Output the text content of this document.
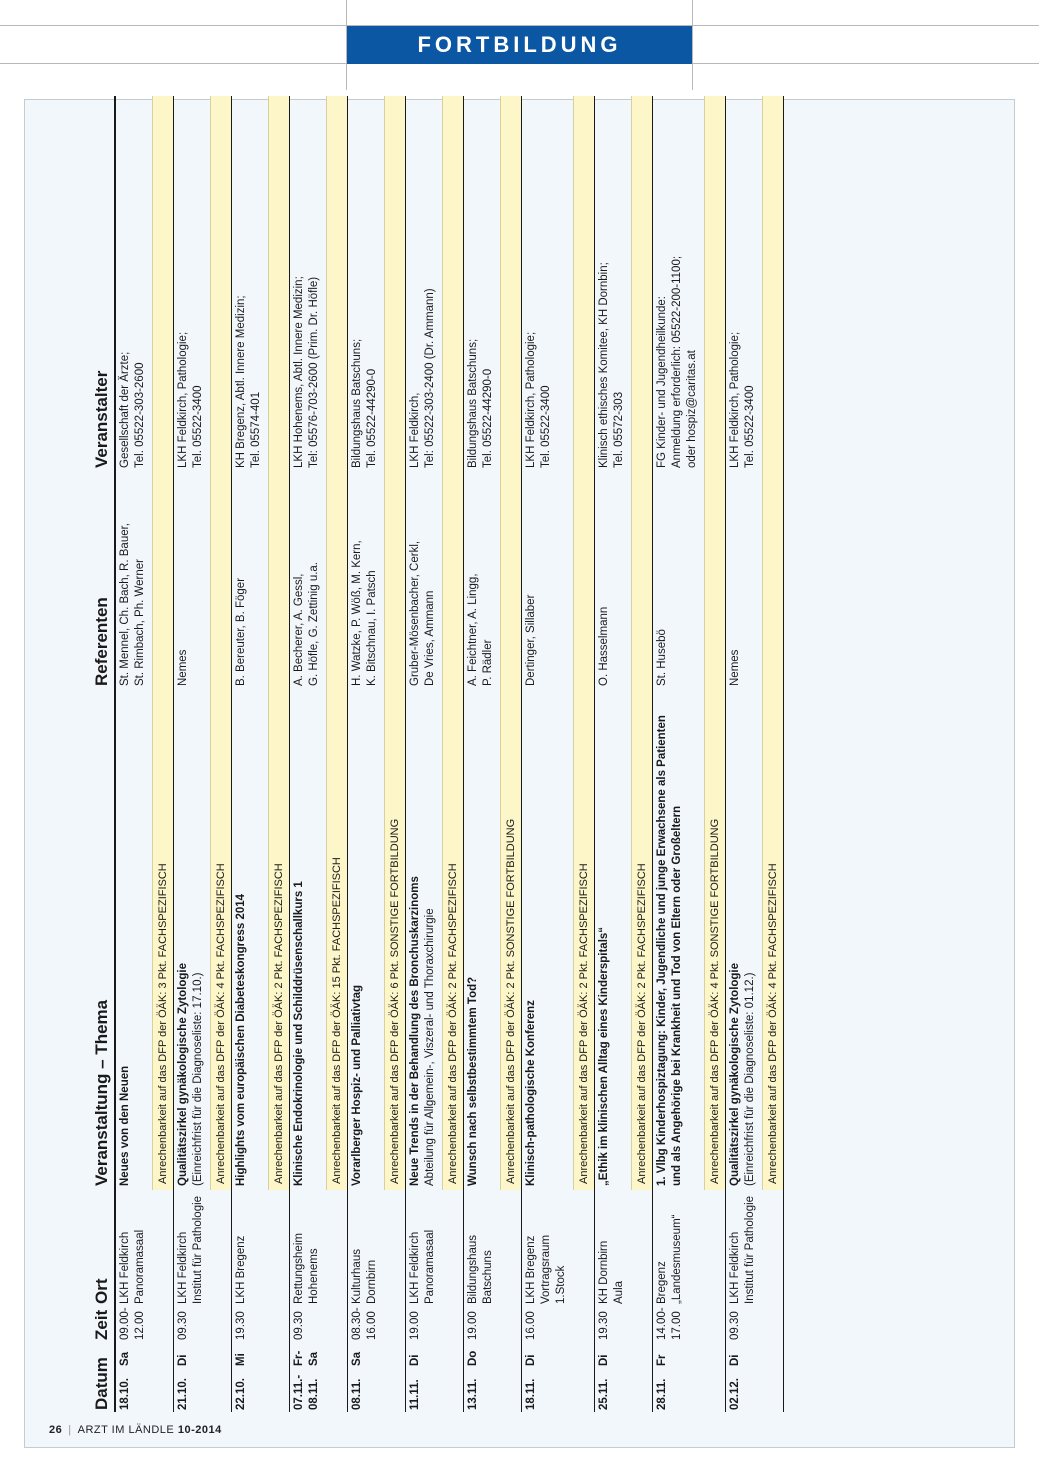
FORTBILDUNG
Datum
Zeit
Ort
Veranstaltung – Thema
Referenten
Veranstalter
18.10.
Sa
09.00-
12.00
LKH Feldkirch
Panoramasaal
Neues von den Neuen
St. Mennel, Ch. Bach, R. Bauer,
St. Rimbach, Ph. Werner
Gesellschaft der Ärzte;
Tel. 05522-303-2600
Anrechenbarkeit auf das DFP der ÖÄK: 3 Pkt. FACHSPEZIFISCH
21.10.
Di
09.30
LKH Feldkirch
Institut für Pathologie
Qualitätszirkel gynäkologische Zytologie (Einreichfrist für die Diagnoseliste: 17.10.)
Nemes
LKH Feldkirch, Pathologie;
Tel. 05522-3400
Anrechenbarkeit auf das DFP der ÖÄK: 4 Pkt. FACHSPEZIFISCH
22.10.
Mi
19.30
LKH Bregenz
Highlights vom europäischen Diabeteskongress 2014
B. Bereuter, B. Föger
KH Bregenz, Abtl. Innere Medizin;
Tel. 05574-401
Anrechenbarkeit auf das DFP der ÖÄK: 2 Pkt. FACHSPEZIFISCH
07.11.-
08.11.
Fr-
Sa
09.30
Rettungsheim
Hohenems
Klinische Endokrinologie und Schilddrüsenschallkurs 1
A. Becherer, A. Gessl,
G. Höfle, G. Zettinig u.a.
LKH Hohenems, Abtl. Innere Medizin;
Tel: 05576-703-2600 (Prim. Dr. Höfle)
Anrechenbarkeit auf das DFP der ÖÄK: 15 Pkt. FACHSPEZIFISCH
08.11.
Sa
08.30-
16.00
Kulturhaus
Dornbirn
Vorarlberger Hospiz- und Palliativtag
H. Watzke, P. Wöß, M. Kern,
K. Bitschnau, I. Patsch
Bildungshaus Batschuns;
Tel. 05522-44290-0
Anrechenbarkeit auf das DFP der ÖÄK: 6 Pkt. SONSTIGE FORTBILDUNG
11.11.
Di
19.00
LKH Feldkirch
Panoramasaal
Neue Trends in der Behandlung des Bronchuskarzinoms Abteilung für Allgemein-, Viszeral- und Thoraxchirurgie
Gruber-Mösenbacher, Cerkl,
De Vries, Ammann
LKH Feldkirch,
Tel: 05522-303-2400 (Dr. Ammann)
Anrechenbarkeit auf das DFP der ÖÄK: 2 Pkt. FACHSPEZIFISCH
13.11.
Do
19.00
Bildungshaus
Batschuns
Wunsch nach selbstbestimmtem Tod?
A. Feichtner, A. Lingg,
P. Rädler
Bildungshaus Batschuns;
Tel. 05522-44290-0
Anrechenbarkeit auf das DFP der ÖÄK: 2 Pkt. SONSTIGE FORTBILDUNG
18.11.
Di
16.00
LKH Bregenz
Vortragsraum 1.Stock
Klinisch-pathologische Konferenz
Dertinger, Sillaber
LKH Feldkirch, Pathologie;
Tel. 05522-3400
Anrechenbarkeit auf das DFP der ÖÄK: 2 Pkt. FACHSPEZIFISCH
25.11.
Di
19.30
KH Dornbirn
Aula
„Ethik im klinischen Alltag eines Kinderspitals“
O. Hasselmann
Klinisch ethisches Komitee, KH Dornbin;
Tel. 05572-303
Anrechenbarkeit auf das DFP der ÖÄK: 2 Pkt. FACHSPEZIFISCH
28.11.
Fr
14.00-
17.00
Bregenz
„Landesmuseum“
1. Vlbg Kinderhospiztagung: Kinder, Jugendliche und junge Erwachsene als Patienten
und als Angehörige bei Krankheit und Tod von Eltern oder Großeltern
St. Husebö
FG Kinder- und Jugendheilkunde:
Anmeldung erforderlich: 05522-200-1100;
oder hospiz@caritas.at
Anrechenbarkeit auf das DFP der ÖÄK: 4 Pkt. SONSTIGE FORTBILDUNG
02.12.
Di
09.30
LKH Feldkirch
Institut für Pathologie
Qualitätszirkel gynäkologische Zytologie (Einreichfrist für die Diagnoseliste: 01.12.)
Nemes
LKH Feldkirch, Pathologie;
Tel. 05522-3400
Anrechenbarkeit auf das DFP der ÖÄK: 4 Pkt. FACHSPEZIFISCH
26 | ARZT IM LÄNDLE 10-2014
